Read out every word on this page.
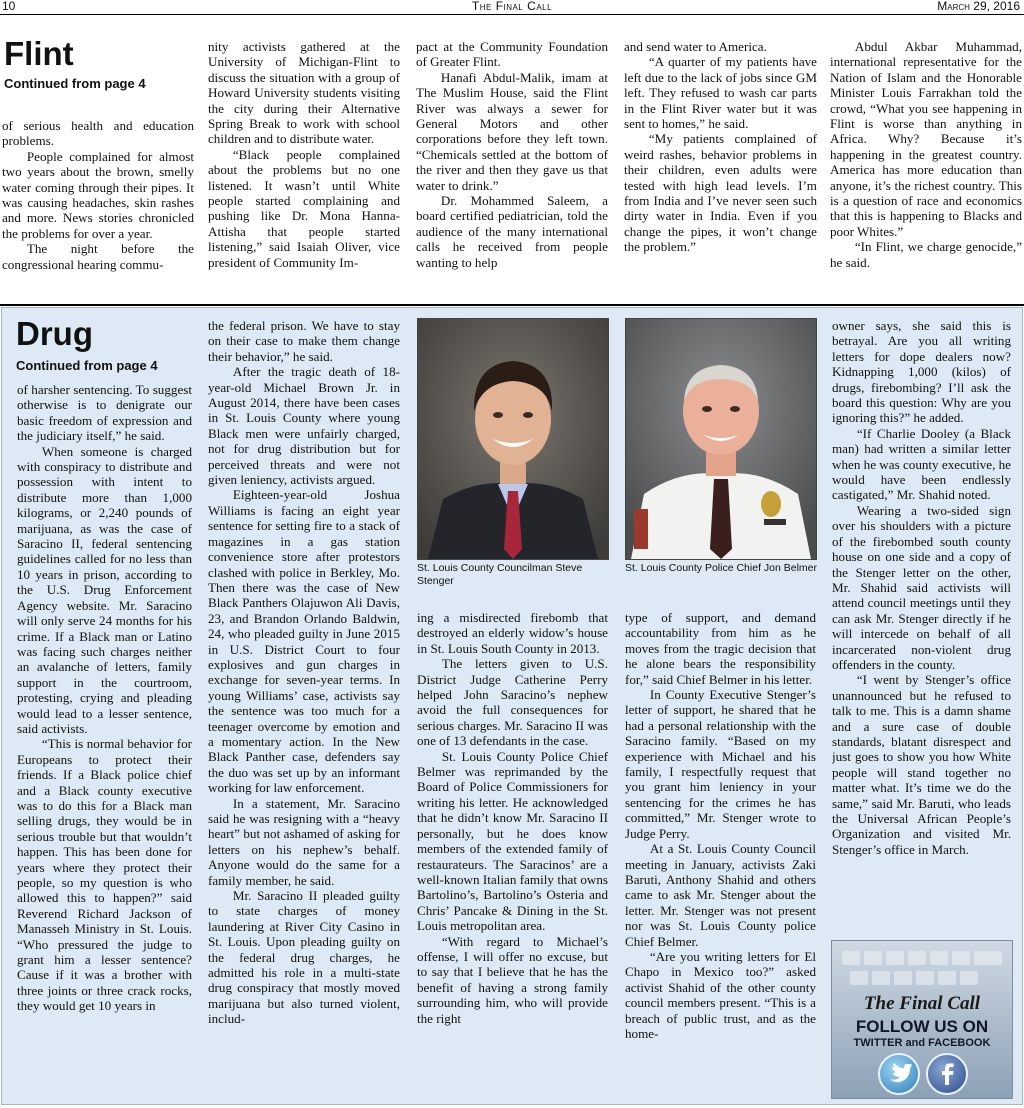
10	The Final Call	March 29, 2016
Flint
Continued from page 4

of serious health and education problems.

People complained for almost two years about the brown, smelly water coming through their pipes. It was causing headaches, skin rashes and more. News stories chronicled the problems for over a year.

The night before the congressional hearing commu-

nity activists gathered at the University of Michigan-Flint to discuss the situation with a group of Howard University students visiting the city during their Alternative Spring Break to work with school children and to distribute water.

“Black people complained about the problems but no one listened. It wasn’t until White people started complaining and pushing like Dr. Mona Hanna-Attisha that people started listening,” said Isaiah Oliver, vice president of Community Im-

pact at the Community Foundation of Greater Flint.

Hanafi Abdul-Malik, imam at The Muslim House, said the Flint River was always a sewer for General Motors and other corporations before they left town. “Chemicals settled at the bottom of the river and then they gave us that water to drink.”

Dr. Mohammed Saleem, a board certified pediatrician, told the audience of the many international calls he received from people wanting to help

and send water to America.

“A quarter of my patients have left due to the lack of jobs since GM left. They refused to wash car parts in the Flint River water but it was sent to homes,” he said.

“My patients complained of weird rashes, behavior problems in their children, even adults were tested with high lead levels. I’m from India and I’ve never seen such dirty water in India. Even if you change the pipes, it won’t change the problem.”

Abdul Akbar Muhammad, international representative for the Nation of Islam and the Honorable Minister Louis Farrakhan told the crowd, “What you see happening in Flint is worse than anything in Africa. Why? Because it’s happening in the greatest country. America has more education than anyone, it’s the richest country. This is a question of race and economics that this is happening to Blacks and poor Whites.”

“In Flint, we charge genocide,” he said.

Drug
Continued from page 4

of harsher sentencing. To suggest otherwise is to denigrate our basic freedom of expression and the judiciary itself,” he said.

When someone is charged with conspiracy to distribute and possession with intent to distribute more than 1,000 kilograms, or 2,240 pounds of marijuana, as was the case of Saracino II, federal sentencing guidelines called for no less than 10 years in prison, according to the U.S. Drug Enforcement Agency website. Mr. Saracino will only serve 24 months for his crime. If a Black man or Latino was facing such charges neither an avalanche of letters, family support in the courtroom, protesting, crying and pleading would lead to a lesser sentence, said activists.

“This is normal behavior for Europeans to protect their friends. If a Black police chief and a Black county executive was to do this for a Black man selling drugs, they would be in serious trouble but that wouldn’t happen. This has been done for years where they protect their people, so my question is who allowed this to happen?” said Reverend Richard Jackson of Manasseh Ministry in St. Louis. “Who pressured the judge to grant him a lesser sentence? Cause if it was a brother with three joints or three crack rocks, they would get 10 years in

the federal prison. We have to stay on their case to make them change their behavior,” he said.

After the tragic death of 18-year-old Michael Brown Jr. in August 2014, there have been cases in St. Louis County where young Black men were unfairly charged, not for drug distribution but for perceived threats and were not given leniency, activists argued.

Eighteen-year-old Joshua Williams is facing an eight year sentence for setting fire to a stack of magazines in a gas station convenience store after protestors clashed with police in Berkley, Mo. Then there was the case of New Black Panthers Olajuwon Ali Davis, 23, and Brandon Orlando Baldwin, 24, who pleaded guilty in June 2015 in U.S. District Court to four explosives and gun charges in exchange for seven-year terms. In young Williams’ case, activists say the sentence was too much for a teenager overcome by emotion and a momentary action. In the New Black Panther case, defenders say the duo was set up by an informant working for law enforcement.

In a statement, Mr. Saracino said he was resigning with a “heavy heart” but not ashamed of asking for letters on his nephew’s behalf. Anyone would do the same for a family member, he said.

Mr. Saracino II pleaded guilty to state charges of money laundering at River City Casino in St. Louis. Upon pleading guilty on the federal drug charges, he admitted his role in a multi-state drug conspiracy that mostly moved marijuana but also turned violent, includ-

St. Louis County Councilman Steve Stenger
St. Louis County Police Chief Jon Belmer

ing a misdirected firebomb that destroyed an elderly widow’s house in St. Louis South County in 2013.

The letters given to U.S. District Judge Catherine Perry helped John Saracino’s nephew avoid the full consequences for serious charges. Mr. Saracino II was one of 13 defendants in the case.

St. Louis County Police Chief Belmer was reprimanded by the Board of Police Commissioners for writing his letter. He acknowledged that he didn’t know Mr. Saracino II personally, but he does know members of the extended family of restaurateurs. The Saracinos’ are a well-known Italian family that owns Bartolino’s, Bartolino’s Osteria and Chris’ Pancake & Dining in the St. Louis metropolitan area.

“With regard to Michael’s offense, I will offer no excuse, but to say that I believe that he has the benefit of having a strong family surrounding him, who will provide the right

type of support, and demand accountability from him as he moves from the tragic decision that he alone bears the responsibility for,” said Chief Belmer in his letter.

In County Executive Stenger’s letter of support, he shared that he had a personal relationship with the Saracino family. “Based on my experience with Michael and his family, I respectfully request that you grant him leniency in your sentencing for the crimes he has committed,” Mr. Stenger wrote to Judge Perry.

At a St. Louis County Council meeting in January, activists Zaki Baruti, Anthony Shahid and others came to ask Mr. Stenger about the letter. Mr. Stenger was not present nor was St. Louis County police Chief Belmer.

“Are you writing letters for El Chapo in Mexico too?” asked activist Shahid of the other county council members present. “This is a breach of public trust, and as the home-

owner says, she said this is betrayal. Are you all writing letters for dope dealers now? Kidnapping 1,000 (kilos) of drugs, firebombing? I’ll ask the board this question: Why are you ignoring this?” he added.

“If Charlie Dooley (a Black man) had written a similar letter when he was county executive, he would have been endlessly castigated,” Mr. Shahid noted.

Wearing a two-sided sign over his shoulders with a picture of the firebombed south county house on one side and a copy of the Stenger letter on the other, Mr. Shahid said activists will attend council meetings until they can ask Mr. Stenger directly if he will intercede on behalf of all incarcerated non-violent drug offenders in the county.

“I went by Stenger’s office unannounced but he refused to talk to me. This is a damn shame and a sure case of double standards, blatant disrespect and just goes to show you how White people will stand together no matter what. It’s time we do the same,” said Mr. Baruti, who leads the Universal African People’s Organization and visited Mr. Stenger’s office in March.

The Final Call
FOLLOW US ON
TWITTER and FACEBOOK
